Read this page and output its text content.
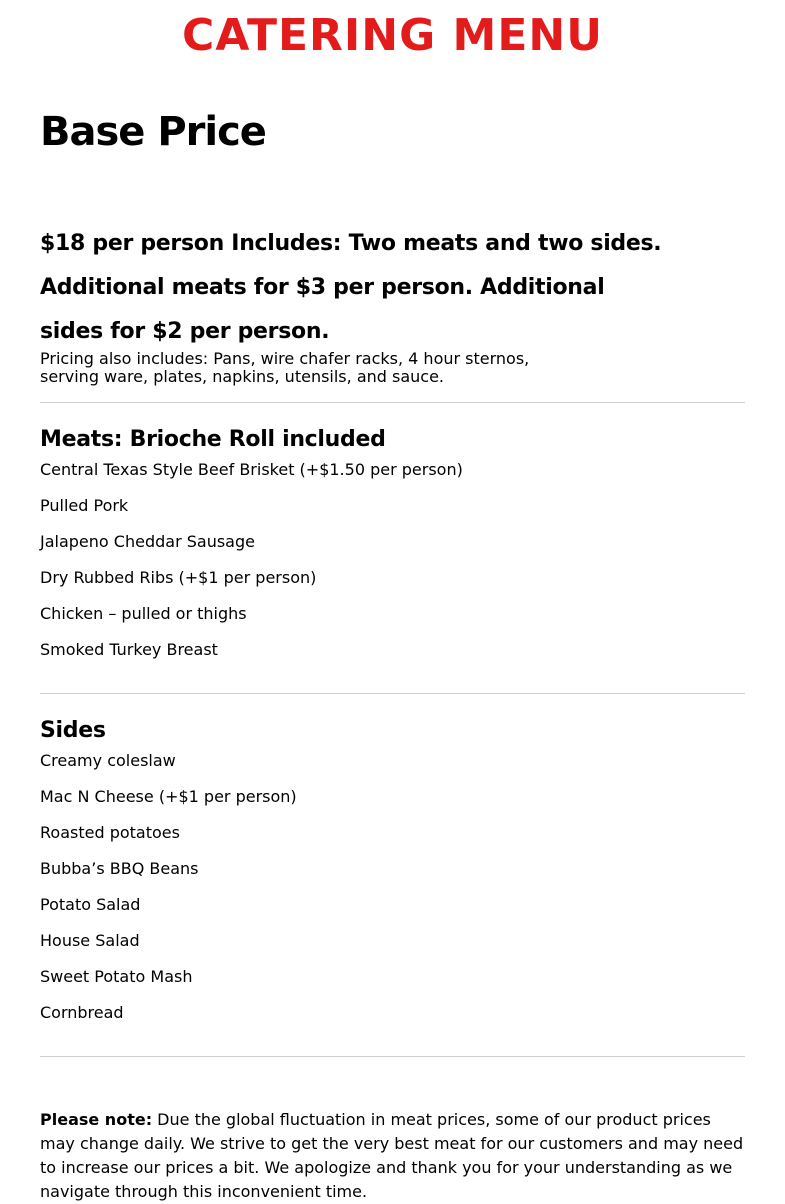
CATERING MENU
Base Price
$18 per person Includes: Two meats and two sides.
Additional meats for $3 per person. Additional
sides for $2 per person.
Pricing also includes: Pans, wire chafer racks, 4 hour sternos,
serving ware, plates, napkins, utensils, and sauce.
Meats: Brioche Roll included
Central Texas Style Beef Brisket (+$1.50 per person)
Pulled Pork
Jalapeno Cheddar Sausage
Dry Rubbed Ribs (+$1 per person)
Chicken – pulled or thighs
Smoked Turkey Breast
Sides
Creamy coleslaw
Mac N Cheese (+$1 per person)
Roasted potatoes
Bubba’s BBQ Beans
Potato Salad
House Salad
Sweet Potato Mash
Cornbread

Please note: Due the global fluctuation in meat prices, some of our product prices may change daily. We strive to get the very best meat for our customers and may need to increase our prices a bit. We apologize and thank you for your understanding as we navigate through this inconvenient time.
